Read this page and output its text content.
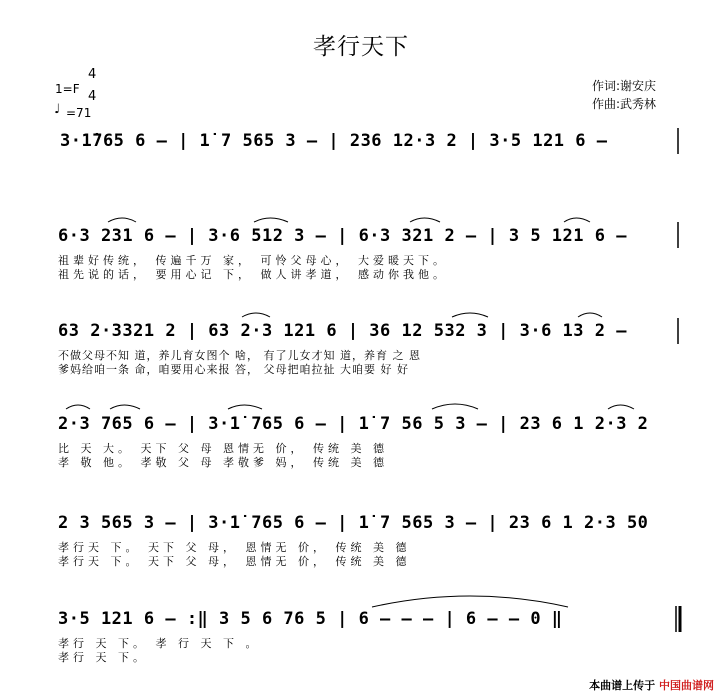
孝行天下
作词:谢安庆
作曲:武秀林
1=F
4
4
♩ =71
3·1̇765 6 – | 1̇ 7 565 3 – | 236 12·3 2 | 3·5 121 6 –
6·3 231 6 – | 3·6 512 3 – | 6·3 321 2 – | 3 5 121 6 –
祖辈好传统， 传遍千万 家， 可怜父母心， 大爱暖天下。
祖先说的话， 要用心记 下， 做人讲孝道， 感动你我他。
63 2·3321 2 | 63 2·3 121 6 | 36 12 532 3 | 3·6 13 2 –
不做父母不知 道，养儿育女图个 啥， 有了儿女才知 道，养育 之 恩
爹妈给咱一条 命，咱要用心来报 答， 父母把咱拉扯 大咱要 好 好
2·3 765 6 – | 3·1̇ 765 6 – | 1̇ 7 56 5 3 – | 23 6 1 2·3 2
比 天 大。 天下 父 母 恩情无 价， 传统 美 德
孝 敬 他。 孝敬 父 母 孝敬爹 妈， 传统 美 德
2 3 565 3 – | 3·1̇ 765 6 – | 1̇ 7 565 3 – | 23 6 1 2·3 50
孝行天 下。 天下 父 母， 恩情无 价， 传统 美 德
孝行天 下。 天下 父 母， 恩情无 价， 传统 美 德
3·5 121 6 – :‖ 3 5 6 76 5 | 6 – – – | 6 – – 0 ‖
孝行 天 下。 孝 行 天 下 。
孝行 天 下。
本曲谱上传于 中国曲谱网
